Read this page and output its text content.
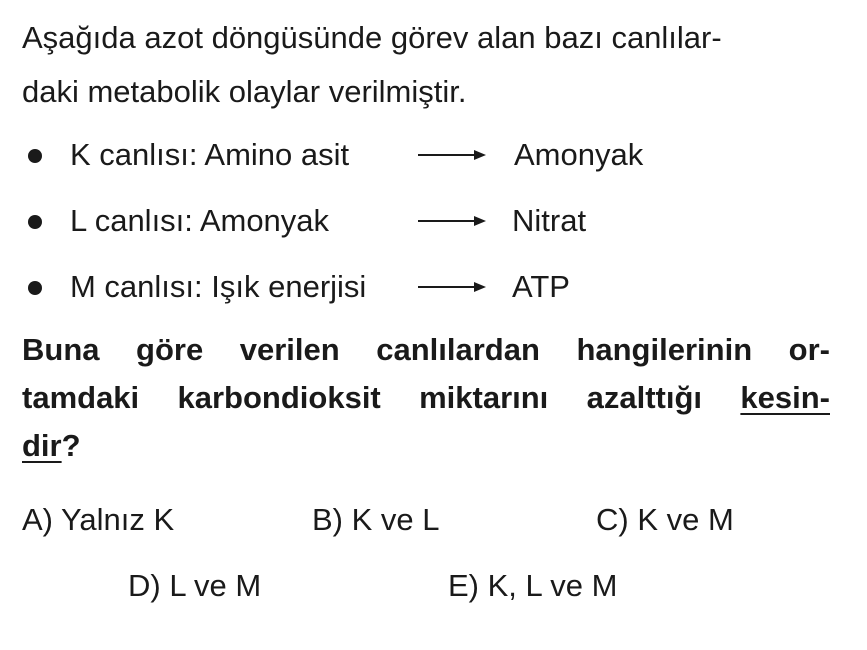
Aşağıda azot döngüsünde görev alan bazı canlılar-
daki metabolik olaylar verilmiştir.
K canlısı: Amino asit	Amonyak
L canlısı: Amonyak	Nitrat
M canlısı: Işık enerjisi	ATP
Buna göre verilen canlılardan hangilerinin or-
tamdaki karbondioksit miktarını azalttığı kesin-
dir?
A) Yalnız K	B) K ve L	C) K ve M
D) L ve M	E) K, L ve M
